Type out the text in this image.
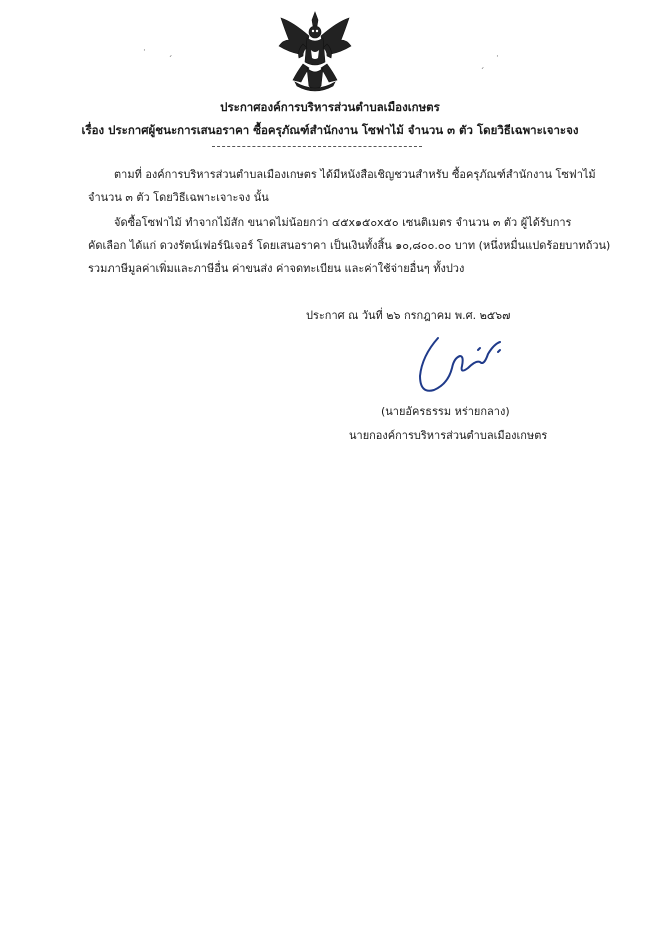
· ˏ
ˏ
·
ประกาศองค์การบริหารส่วนตำบลเมืองเกษตร
เรื่อง ประกาศผู้ชนะการเสนอราคา ซื้อครุภัณฑ์สำนักงาน โซฟาไม้ จำนวน ๓ ตัว โดยวิธีเฉพาะเจาะจง
ตามที่ องค์การบริหารส่วนตำบลเมืองเกษตร ได้มีหนังสือเชิญชวนสำหรับ ซื้อครุภัณฑ์สำนักงาน โซฟาไม้
จำนวน ๓ ตัว โดยวิธีเฉพาะเจาะจง นั้น
จัดซื้อโซฟาไม้ ทำจากไม้สัก ขนาดไม่น้อยกว่า ๔๕x๑๕๐x๕๐ เซนติเมตร จำนวน ๓ ตัว ผู้ได้รับการ
คัดเลือก ได้แก่ ดวงรัตน์เฟอร์นิเจอร์ โดยเสนอราคา เป็นเงินทั้งสิ้น ๑๐,๘๐๐.๐๐ บาท (หนึ่งหมื่นแปดร้อยบาทถ้วน)
รวมภาษีมูลค่าเพิ่มและภาษีอื่น ค่าขนส่ง ค่าจดทะเบียน และค่าใช้จ่ายอื่นๆ ทั้งปวง
ประกาศ ณ วันที่ ๒๖ กรกฎาคม พ.ศ. ๒๕๖๗
(นายอัครธรรม หร่ายกลาง)
นายกองค์การบริหารส่วนตำบลเมืองเกษตร
